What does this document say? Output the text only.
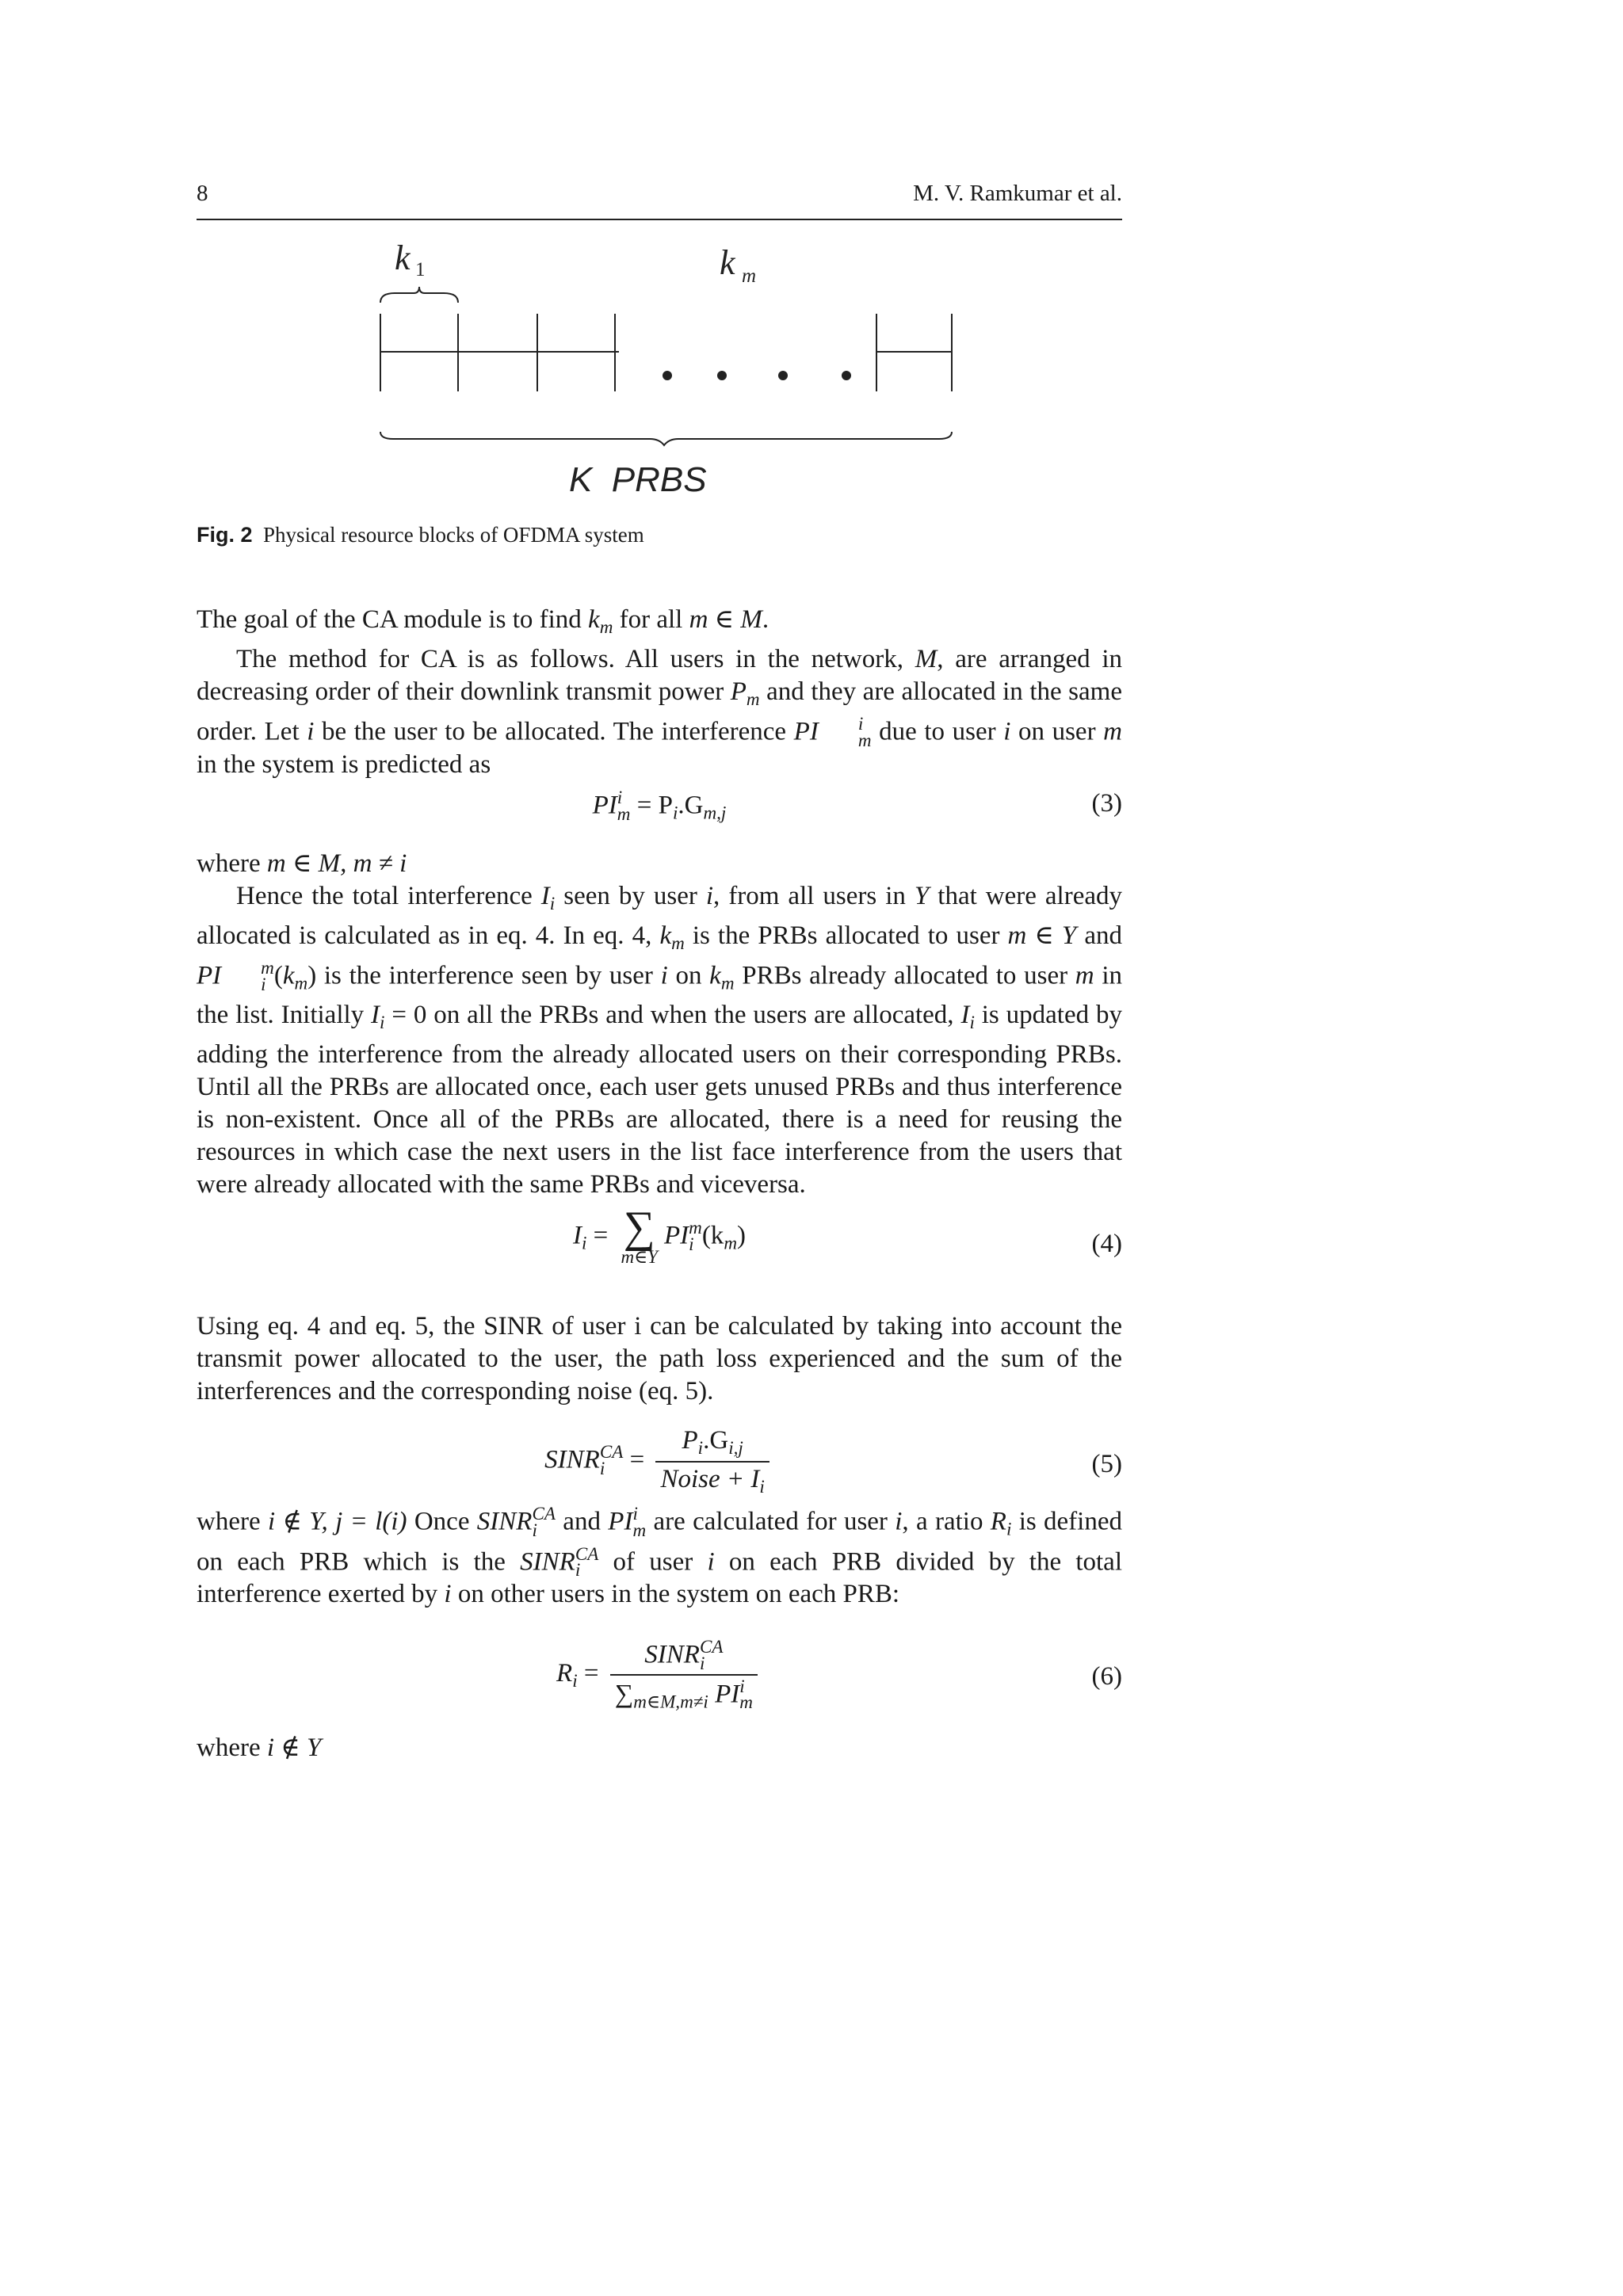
8	M. V. Ramkumar et al.
k 1	k m
K  PRBS
Fig. 2 Physical resource blocks of OFDMA system

The goal of the CA module is to find $k_m$ for all m ∈ M.

The method for CA is as follows. All users in the network, M, are arranged in decreasing order of their downlink transmit power $P_m$ and they are allocated in the same order. Let i be the user to be allocated. The interference PI	i
m due to user i on user m in the system is predicted as

PI i
$m = P_i.G_{m,j}$	(3)

where m ∈ M, m ≠ i

Hence the total interference $I_i$ seen by user i, from all users in Y that were already allocated is calculated as in eq. 4. In eq. 4, $k_m$ is the PRBs allocated to user m ∈ Y and PI	m
i $(k_m)$ is the interference seen by user i on $k_m$ PRBs already allocated to user m in the list. Initially $I_i = 0$ on all the PRBs and when the users are allocated, $I_i$ is updated by adding the interference from the already allocated users on their corresponding PRBs. Until all the PRBs are allocated once, each user gets unused PRBs and thus interference is non-existent. Once all of the PRBs are allocated, there is a need for reusing the resources in which case the next users in the list face interference from the users that were already allocated with the same PRBs and viceversa.

$I_i$ = ∑
m∈Y
PI m
i $(k_m)$	(4)

Using eq. 4 and eq. 5, the SINR of user i can be calculated by taking into account the transmit power allocated to the user, the path loss experienced and the sum of the interferences and the corresponding noise (eq. 5).

SINR CA
$i = \frac{P_i.G_{i,j}}{Noise + I_i}$	(5)

where i ∉ Y, j = l(i) Once SINR CA
i and PI i
m are calculated for user i, a ratio $R_i$ is defined on each PRB which is the SINR CA
i of user i on each PRB divided by the total interference exerted by i on other users in the system on each PRB:

$R_i$ = SINR CA
i
$\sum_{m\in M,m\ne i}$ PI i
m	(6)

where i ∉ Y
